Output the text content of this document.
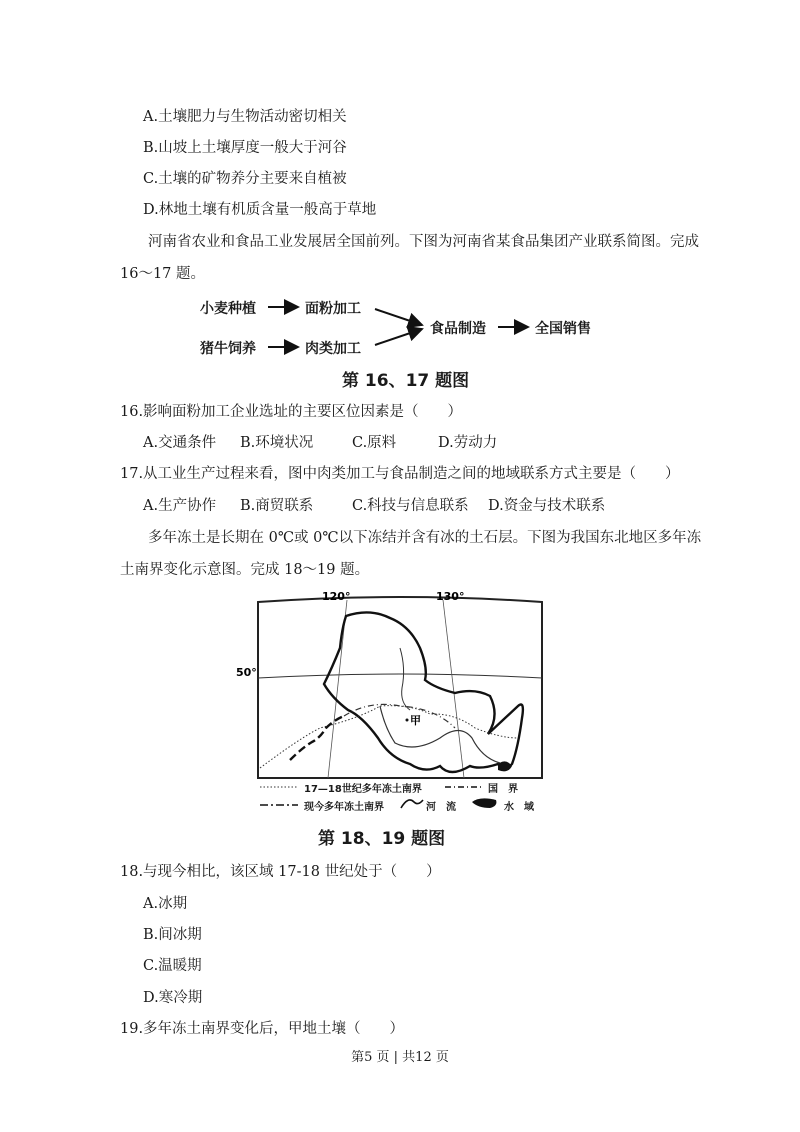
A.土壤肥力与生物活动密切相关
B.山坡上土壤厚度一般大于河谷
C.土壤的矿物养分主要来自植被
D.林地土壤有机质含量一般高于草地
河南省农业和食品工业发展居全国前列。下图为河南省某食品集团产业联系简图。完成
16～17 题。
小麦种植	面粉加工
猪牛饲养	肉类加工
食品制造	全国销售
第 16、17 题图
16.影响面粉加工企业选址的主要区位因素是（　　）
A.交通条件 B.环境状况	C.原料	D.劳动力
17.从工业生产过程来看，图中肉类加工与食品制造之间的地域联系方式主要是（　　）
A.生产协作 B.商贸联系	C.科技与信息联系 D.资金与技术联系
多年冻土是长期在 0℃或 0℃以下冻结并含有冰的土石层。下图为我国东北地区多年冻
土南界变化示意图。完成 18～19 题。
120°	130°
50°
甲
17—18世纪多年冻土南界	国　界
现今多年冻土南界	河　流	水　域
第 18、19 题图
18.与现今相比，该区域 17-18 世纪处于（　　）
A.冰期
B.间冰期
C.温暖期
D.寒冷期
19.多年冻土南界变化后，甲地土壤（　　）
第5 页 | 共12 页
